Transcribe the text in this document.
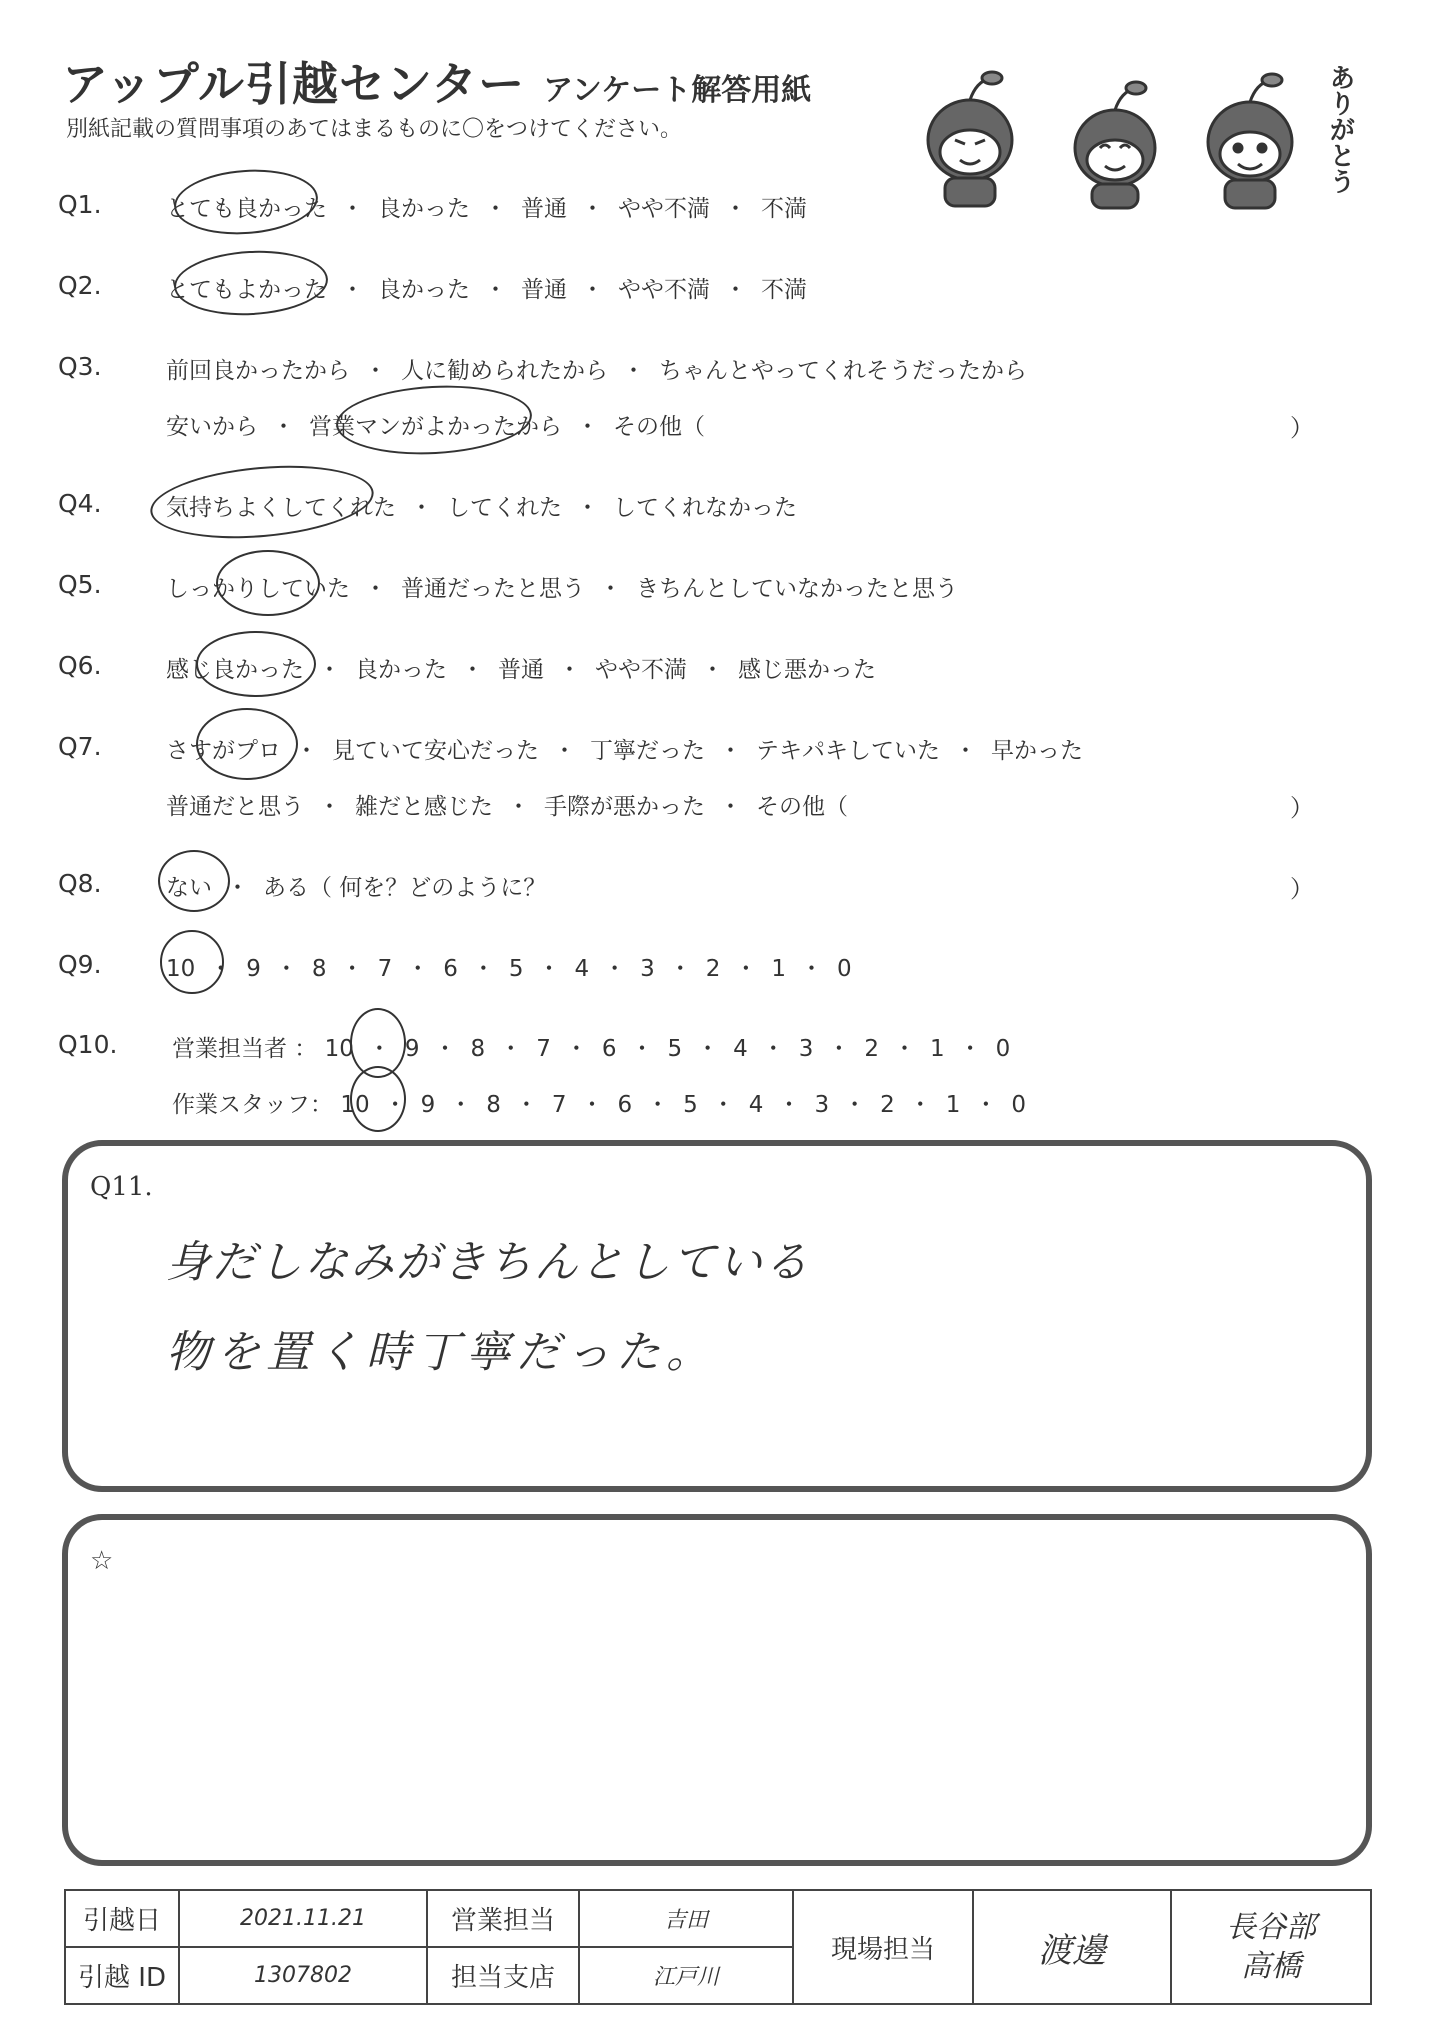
アップル引越センター アンケート解答用紙
別紙記載の質問事項のあてはまるものに〇をつけてください。	ありがとう
Q1.	とても良かった ・ 良かった ・ 普通 ・ やや不満 ・ 不満
Q2.	とてもよかった ・ 良かった ・ 普通 ・ やや不満 ・ 不満
Q3.	前回良かったから ・ 人に勧められたから ・ ちゃんとやってくれそうだったから
安いから ・ 営業マンがよかったから ・ その他（	）
Q4.	気持ちよくしてくれた ・ してくれた ・ してくれなかった
Q5.	しっかりしていた ・ 普通だったと思う ・ きちんとしていなかったと思う
Q6.	感じ良かった ・ 良かった ・ 普通 ・ やや不満 ・ 感じ悪かった
Q7.	さすがプロ ・ 見ていて安心だった ・ 丁寧だった ・ テキパキしていた ・ 早かった
普通だと思う ・ 雑だと感じた ・ 手際が悪かった ・ その他（	）
Q8.	ない ・ ある（ 何を？どのように？	）
Q9.	10 ・ 9 ・ 8 ・ 7 ・ 6 ・ 5 ・ 4 ・ 3 ・ 2 ・ 1 ・ 0
Q10. 営業担当者 ： 10 ・ 9 ・ 8 ・ 7 ・ 6 ・ 5 ・ 4 ・ 3 ・ 2 ・ 1 ・ 0
作業スタッフ： 10 ・ 9 ・ 8 ・ 7 ・ 6 ・ 5 ・ 4 ・ 3 ・ 2 ・ 1 ・ 0
Q11.
身だしなみがきちんとしている
物を置く時丁寧だった。
☆
引越日	2021.11.21	営業担当	吉田	現場担当	渡邊	長谷部
高橋

引越 ID	1307802	担当支店	江戸川			
